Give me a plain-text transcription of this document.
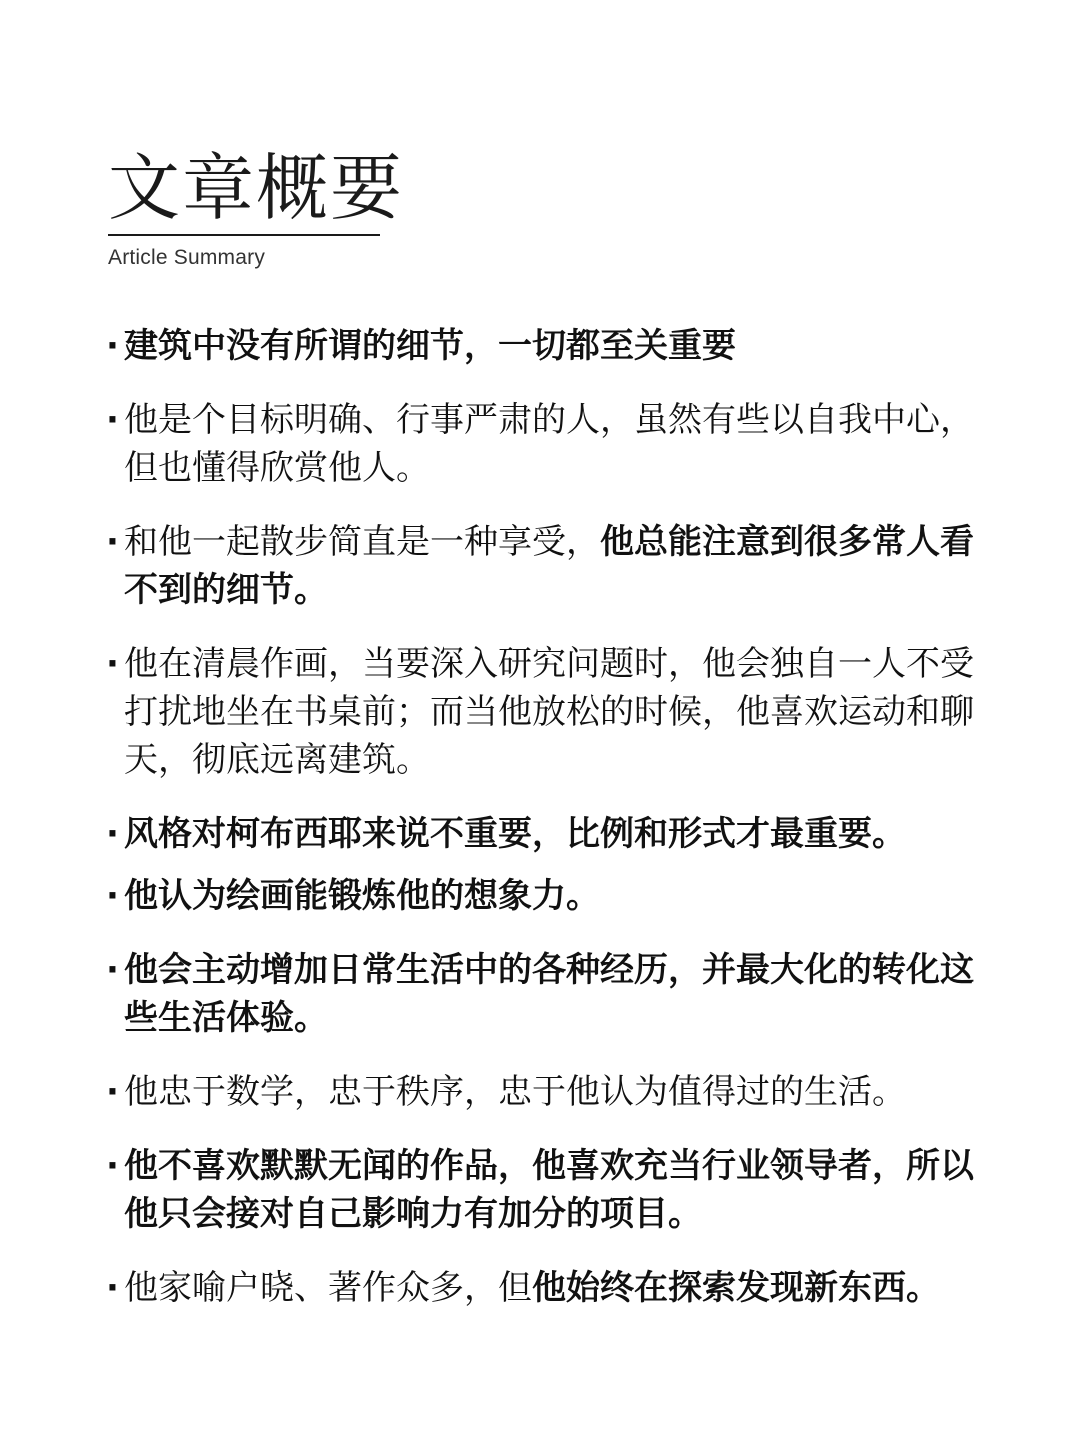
文章概要
Article Summary
· 建筑中没有所谓的细节，一切都至关重要
· 他是个目标明确、行事严肃的人，虽然有些以自我中心，但也懂得欣赏他人。
· 和他一起散步简直是一种享受，他总能注意到很多常人看不到的细节。
· 他在清晨作画，当要深入研究问题时，他会独自一人不受打扰地坐在书桌前；而当他放松的时候，他喜欢运动和聊天，彻底远离建筑。
· 风格对柯布西耶来说不重要，比例和形式才最重要。
· 他认为绘画能锻炼他的想象力。
· 他会主动增加日常生活中的各种经历，并最大化的转化这些生活体验。
· 他忠于数学，忠于秩序，忠于他认为值得过的生活。
· 他不喜欢默默无闻的作品，他喜欢充当行业领导者，所以他只会接对自己影响力有加分的项目。
· 他家喻户晓、著作众多，但他始终在探索发现新东西。
